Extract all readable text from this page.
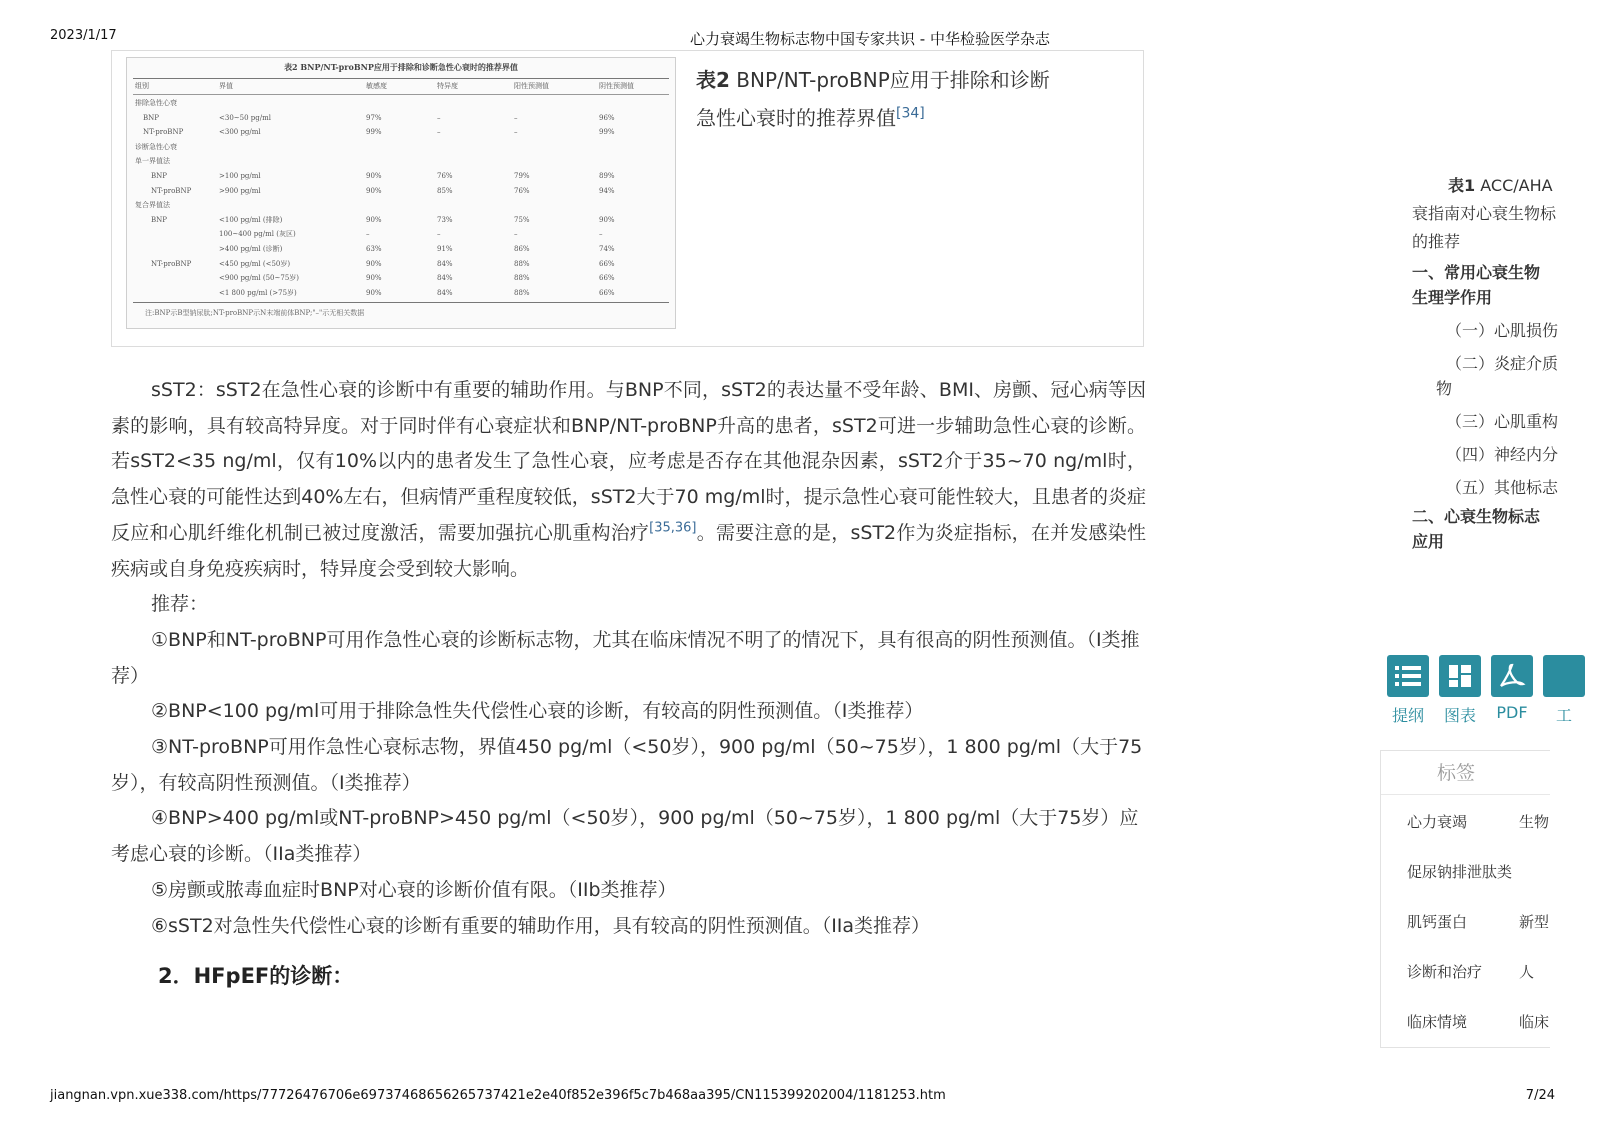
2023/1/17	心力衰竭生物标志物中国专家共识 - 中华检验医学杂志
表2 BNP/NT-proBNP应用于排除和诊断急性心衰时的推荐界值
组别	界值	敏感度	特异度	阳性预测值	阴性预测值
注:BNP示B型钠尿肽;NT-proBNP示N末端前体BNP;"–"示无相关数据
排除急性心衰
BNP	<30~50 pg/ml	97%	–	–	96%
NT-proBNP	<300 pg/ml	99%	–	–	99%
诊断急性心衰
单一界值法
BNP	>100 pg/ml	90%	76%	79%	89%
NT-proBNP	>900 pg/ml	90%	85%	76%	94%
复合界值法
BNP	<100 pg/ml (排除)	90%	73%	75%	90%
100~400 pg/ml (灰区)	–	–	–	–
>400 pg/ml (诊断)	63%	91%	86%	74%
NT-proBNP	<450 pg/ml (<50岁)	90%	84%	88%	66%
<900 pg/ml (50~75岁)	90%	84%	88%	66%
<1 800 pg/ml (>75岁)	90%	84%	88%	66%
表2 BNP/NT-proBNP应用于排除和诊断急性心衰时的推荐界值[34]

sST2：sST2在急性心衰的诊断中有重要的辅助作用。与BNP不同，sST2的表达量不受年龄、BMI、房颤、冠心病等因素的影响，具有较高特异度。对于同时伴有心衰症状和BNP/NT-proBNP升高的患者，sST2可进一步辅助急性心衰的诊断。若sST2<35 ng/ml，仅有10%以内的患者发生了急性心衰，应考虑是否存在其他混杂因素，sST2介于35~70 ng/ml时，急性心衰的可能性达到40%左右，但病情严重程度较低，sST2大于70 mg/ml时，提示急性心衰可能性较大，且患者的炎症反应和心肌纤维化机制已被过度激活，需要加强抗心肌重构治疗[35,36]。需要注意的是，sST2作为炎症指标，在并发感染性疾病或自身免疫疾病时，特异度会受到较大影响。

推荐：

①BNP和NT-proBNP可用作急性心衰的诊断标志物，尤其在临床情况不明了的情况下，具有很高的阴性预测值。（I类推荐）

②BNP<100 pg/ml可用于排除急性失代偿性心衰的诊断，有较高的阴性预测值。（I类推荐）

③NT-proBNP可用作急性心衰标志物，界值450 pg/ml（<50岁），900 pg/ml（50~75岁），1 800 pg/ml（大于75岁），有较高阴性预测值。（I类推荐）

④BNP>400 pg/ml或NT-proBNP>450 pg/ml（<50岁），900 pg/ml（50~75岁），1 800 pg/ml（大于75岁）应考虑心衰的诊断。（IIa类推荐）

⑤房颤或脓毒血症时BNP对心衰的诊断价值有限。（IIb类推荐）

⑥sST2对急性失代偿性心衰的诊断有重要的辅助作用，具有较高的阴性预测值。（IIa类推荐）

2．HFpEF的诊断：
表1 ACC/AHA
衰指南对心衰生物标
的推荐
一、常用心衰生物
生理学作用
（一）心肌损伤
（二）炎症介质
物
（三）心肌重构
（四）神经内分
（五）其他标志
二、心衰生物标志
应用
提纲	图表	PDF	工
标签
心力衰竭	生物
促尿钠排泄肽类
肌钙蛋白	新型
诊断和治疗 人
临床情境	临床
jiangnan.vpn.xue338.com/https/77726476706e69737468656265737421e2e40f852e396f5c7b468aa395/CN115399202004/1181253.htm	7/24
